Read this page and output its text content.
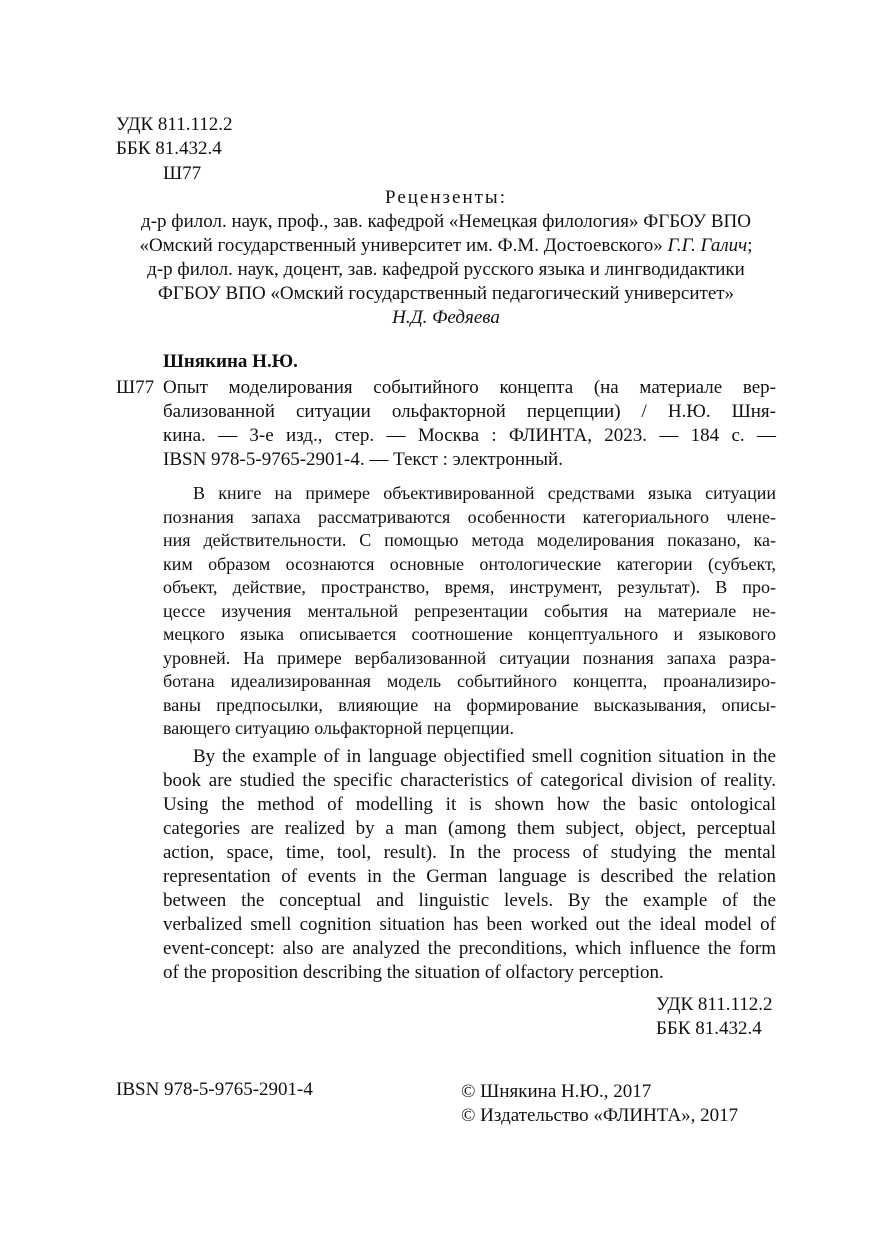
УДК 811.112.2
ББК 81.432.4
Ш77
Рецензенты:
д-р филол. наук, проф., зав. кафедрой «Немецкая филология» ФГБОУ ВПО
«Омский государственный университет им. Ф.М. Достоевского» Г.Г. Галич;
д-р филол. наук, доцент, зав. кафедрой русского языка и лингводидактики
ФГБОУ ВПО «Омский государственный педагогический университет»
Н.Д. Федяева
Шнякина Н.Ю.
Ш77 Опыт моделирования событийного концепта (на материале вер-
бализованной ситуации ольфакторной перцепции) / Н.Ю. Шня-
кина. — 3-е изд., стер. — Москва : ФЛИНТА, 2023. — 184 с. —
IBSN 978-5-9765-2901-4. — Текст : электронный.
В книге на примере объективированной средствами языка ситуации
познания запаха рассматриваются особенности категориального члене-
ния действительности. С помощью метода моделирования показано, ка-
ким образом осознаются основные онтологические категории (субъект,
объект, действие, пространство, время, инструмент, результат). В про-
цессе изучения ментальной репрезентации события на материале не-
мецкого языка описывается соотношение концептуального и языкового
уровней. На примере вербализованной ситуации познания запаха разра-
ботана идеализированная модель событийного концепта, проанализиро-
ваны предпосылки, влияющие на формирование высказывания, описы-
вающего ситуацию ольфакторной перцепции.
By the example of in language objectified smell cognition situation in the
book are studied the specific characteristics of categorical division of reality.
Using the method of modelling it is shown how the basic ontological
categories are realized by a man (among them subject, object, perceptual
action, space, time, tool, result). In the process of studying the mental
representation of events in the German language is described the relation
between the conceptual and linguistic levels. By the example of the
verbalized smell cognition situation has been worked out the ideal model of
event-concept: also are analyzed the preconditions, which influence the form
of the proposition describing the situation of olfactory perception.
УДК 811.112.2
ББК 81.432.4
IBSN 978-5-9765-2901-4	© Шнякина Н.Ю., 2017
© Издательство «ФЛИНТА», 2017
